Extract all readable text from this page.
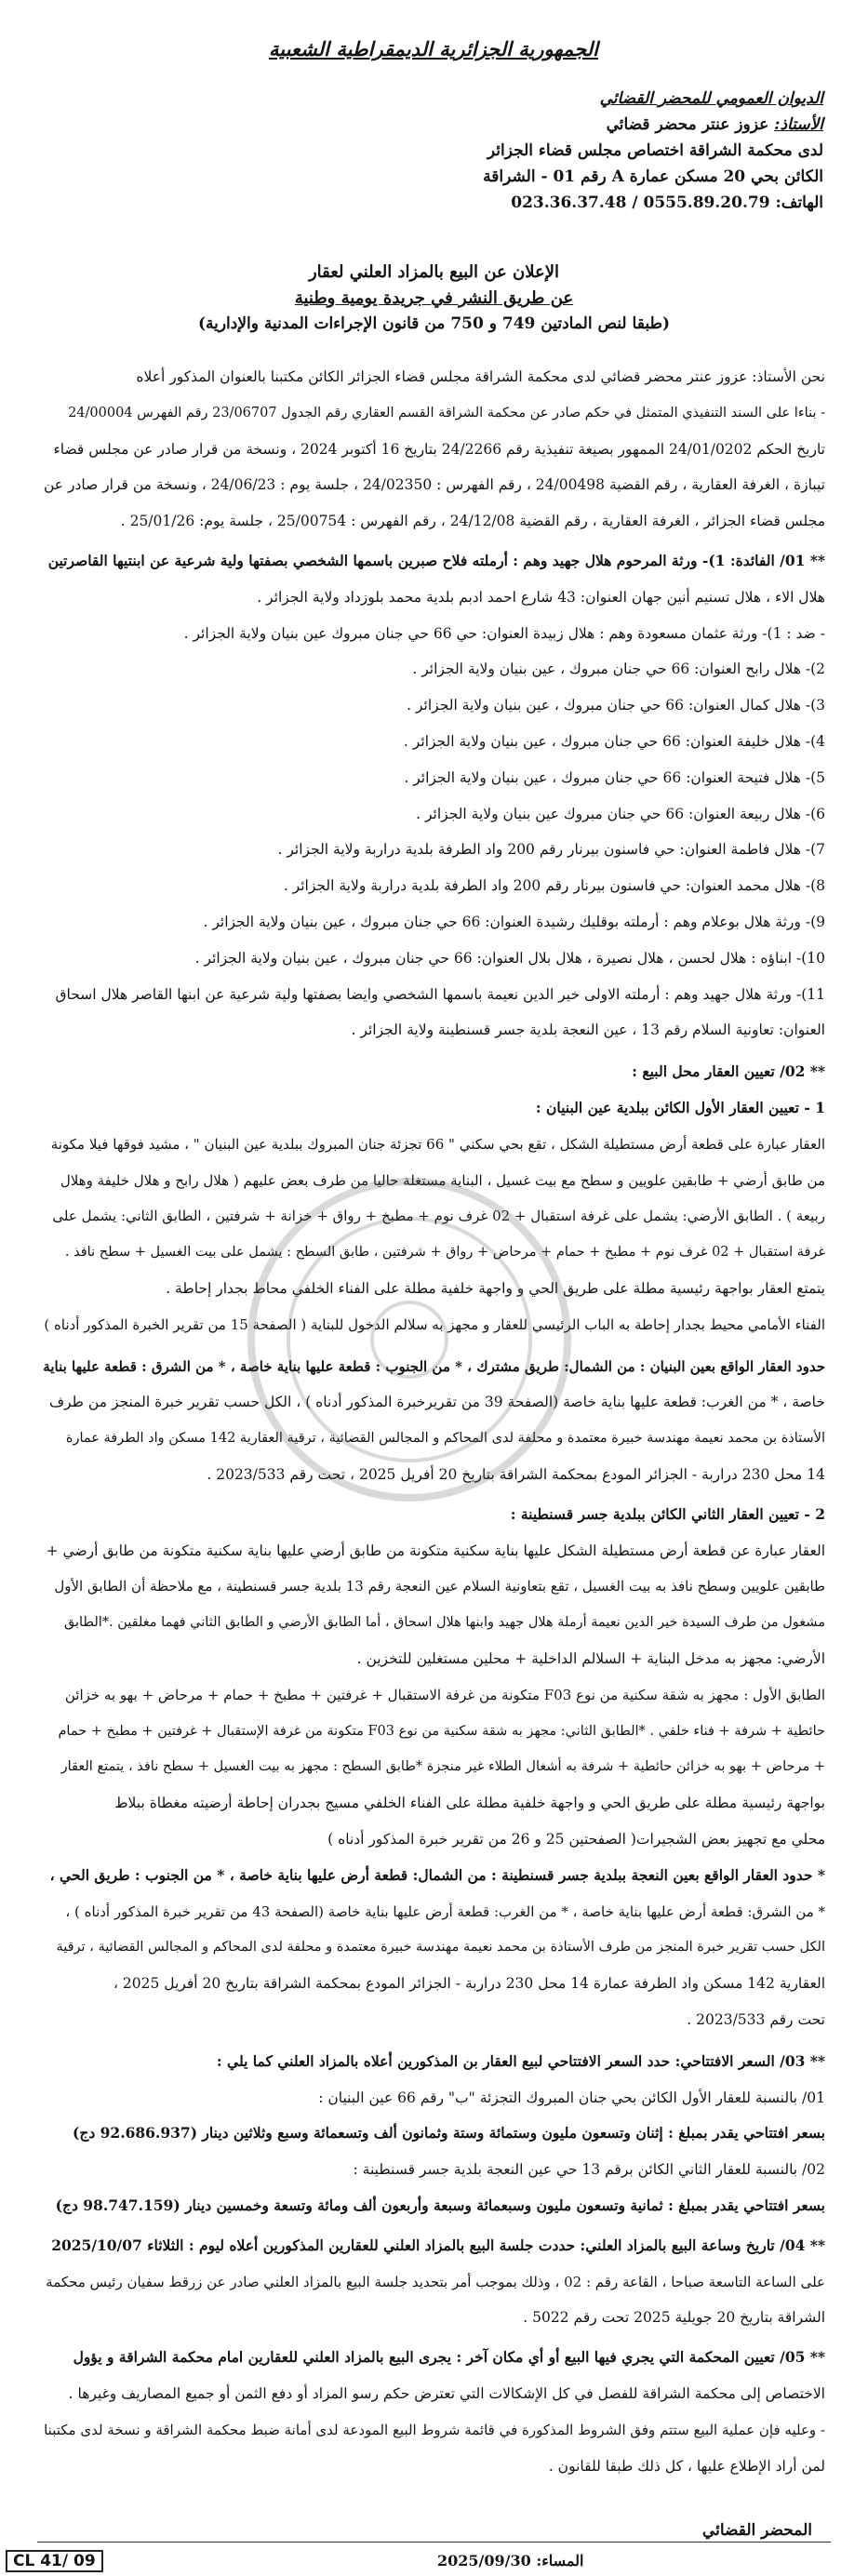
الجمهورية الجزائرية الديمقراطية الشعبية
الديوان العمومي للمحضر القضائي
الأستاذ: عزوز عنتر محضر قضائي
لدى محكمة الشراقة اختصاص مجلس قضاء الجزائر
الكائن بحي 20 مسكن عمارة A رقم 01 - الشراقة
الهاتف: 023.36.37.48 / 0555.89.20.79
الإعلان عن البيع بالمزاد العلني لعقار
عن طريق النشر في جريدة يومية وطنية
(طبقا لنص المادتين 749 و 750 من قانون الإجراءات المدنية والإدارية)
نحن الأستاذ: عزوز عنتر محضر قضائي لدى محكمة الشراقة مجلس قضاء الجزائر الكائن مكتبنا بالعنوان المذكور أعلاه
- بناءا على السند التنفيذي المتمثل في حكم صادر عن محكمة الشراقة القسم العقاري رقم الجدول 23/06707 رقم الفهرس 24/00004
تاريخ الحكم 24/01/0202 الممهور بصيغة تنفيذية رقم 24/2266 بتاريخ 16 أكتوبر 2024 ، ونسخة من قرار صادر عن مجلس قضاء
تيبازة ، الغرفة العقارية ، رقم القضية 24/00498 ، رقم الفهرس : 24/02350 ، جلسة يوم : 24/06/23 ، ونسخة من قرار صادر عن
مجلس قضاء الجزائر ، الغرفة العقارية ، رقم القضية 24/12/08 ، رقم الفهرس : 25/00754 ، جلسة يوم: 25/01/26 .
** 01/ الفائدة: 1)- ورثة المرحوم هلال جهيد وهم : أرملته فلاح صبرين باسمها الشخصي بصفتها ولية شرعية عن ابنتيها القاصرتين
هلال الاء ، هلال تسنيم أنين جهان العنوان: 43 شارع احمد ادبم بلدية محمد بلوزداد ولاية الجزائر .
- ضد : 1)- ورثة عثمان مسعودة وهم : هلال زبيدة العنوان: حي 66 حي جنان مبروك عين بنيان ولاية الجزائر .
2)- هلال رابح العنوان: 66 حي جنان مبروك ، عين بنيان ولاية الجزائر .
3)- هلال كمال العنوان: 66 حي جنان مبروك ، عين بنيان ولاية الجزائر .
4)- هلال خليفة العنوان: 66 حي جنان مبروك ، عين بنيان ولاية الجزائر .
5)- هلال فتيحة العنوان: 66 حي جنان مبروك ، عين بنيان ولاية الجزائر .
6)- هلال ربيعة العنوان: 66 حي جنان مبروك عين بنيان ولاية الجزائر .
7)- هلال فاطمة العنوان: حي فاسنون بيرنار رقم 200 واد الطرفة بلدية دراربة ولاية الجزائر .
8)- هلال محمد العنوان: حي فاسنون بيرنار رقم 200 واد الطرفة بلدية دراربة ولاية الجزائر .
9)- ورثة هلال بوعلام وهم : أرملته بوقليك رشيدة العنوان: 66 حي جنان مبروك ، عين بنيان ولاية الجزائر .
10)- ابناؤه : هلال لحسن ، هلال نصيرة ، هلال بلال العنوان: 66 حي جنان مبروك ، عين بنيان ولاية الجزائر .
11)- ورثة هلال جهيد وهم : أرملته الاولى خير الدين نعيمة باسمها الشخصي وايضا بصفتها ولية شرعية عن ابنها القاصر هلال اسحاق
العنوان: تعاونية السلام رقم 13 ، عين النعجة بلدية جسر قسنطينة ولاية الجزائر .
** 02/ تعيين العقار محل البيع :
1 - تعيين العقار الأول الكائن ببلدية عين البنيان :
العقار عبارة على قطعة أرض مستطيلة الشكل ، تقع بحي سكني " 66 تجزئة جنان المبروك ببلدية عين البنيان " ، مشيد فوقها فيلا مكونة
من طابق أرضي + طابقين علويين و سطح مع بيت غسيل ، البناية مستغلة حاليا من طرف بعض عليهم ( هلال رابح و هلال خليفة وهلال
ربيعة ) . الطابق الأرضي: يشمل على غرفة استقبال + 02 غرف نوم + مطبخ + رواق + خزانة + شرفتين ، الطابق الثاني: يشمل على
غرفة استقبال + 02 غرف نوم + مطبخ + حمام + مرحاض + رواق + شرفتين ، طابق السطح : يشمل على بيت الغسيل + سطح نافذ .
يتمتع العقار بواجهة رئيسية مطلة على طريق الحي و واجهة خلفية مطلة على الفناء الخلفي محاط بجدار إحاطة .
الفناء الأمامي محيط بجدار إحاطة به الباب الرئيسي للعقار و مجهز به سلالم الدخول للبناية ( الصفحة 15 من تقرير الخبرة المذكور أدناه )
حدود العقار الواقع بعين البنيان : من الشمال: طريق مشترك ، * من الجنوب : قطعة عليها بناية خاصة ، * من الشرق : قطعة عليها بناية
خاصة ، * من الغرب: قطعة عليها بناية خاصة (الصفحة 39 من تقريرخبرة المذكور أدناه ) ، الكل حسب تقرير خبرة المنجز من طرف
الأستاذة بن محمد نعيمة مهندسة خبيرة معتمدة و محلفة لدى المحاكم و المجالس القضائية ، ترقية العقارية 142 مسكن واد الطرفة عمارة
14 محل 230 دراربة - الجزائر المودع بمحكمة الشراقة بتاريخ 20 أفريل 2025 ، تحت رقم 2023/533 .
2 - تعيين العقار الثاني الكائن ببلدية جسر قسنطينة :
العقار عبارة عن قطعة أرض مستطيلة الشكل عليها بناية سكنية متكونة من طابق أرضي عليها بناية سكنية متكونة من طابق أرضي +
طابقين علويين وسطح نافذ به بيت الغسيل ، تقع بتعاونية السلام عين النعجة رقم 13 بلدية جسر قسنطينة ، مع ملاحظة أن الطابق الأول
مشغول من طرف السيدة خير الدين نعيمة أرملة هلال جهيد وابنها هلال اسحاق ، أما الطابق الأرضي و الطابق الثاني فهما مغلقين .*الطابق
الأرضي: مجهز به مدخل البناية + السلالم الداخلية + محلين مستغلين للتخزين .
الطابق الأول : مجهز به شقة سكنية من نوع F03 متكونة من غرفة الاستقبال + غرفتين + مطبخ + حمام + مرحاض + بهو به خزائن
حائطية + شرفة + فناء خلفي . *الطابق الثاني: مجهز به شقة سكنية من نوع F03 متكونة من غرفة الإستقبال + غرفتين + مطبخ + حمام
+ مرحاض + بهو به خزائن حائطية + شرفة به أشغال الطلاء غير منجزة *طابق السطح : مجهز به بيت الغسيل + سطح نافذ ، يتمتع العقار
بواجهة رئيسية مطلة على طريق الحي و واجهة خلفية مطلة على الفناء الخلفي مسيج بجدران إحاطة أرضيته مغطاة ببلاط
محلي مع تجهيز بعض الشجيرات( الصفحتين 25 و 26 من تقرير خبرة المذكور أدناه )
* حدود العقار الواقع بعين النعجة ببلدية جسر قسنطينة : من الشمال: قطعة أرض عليها بناية خاصة ، * من الجنوب : طريق الحي ،
* من الشرق: قطعة أرض عليها بناية خاصة ، * من الغرب: قطعة أرض عليها بناية خاصة (الصفحة 43 من تقرير خبرة المذكور أدناه ) ،
الكل حسب تقرير خبرة المنجز من طرف الأستاذة بن محمد نعيمة مهندسة خبيرة معتمدة و محلفة لدى المحاكم و المجالس القضائية ، ترقية
العقارية 142 مسكن واد الطرفة عمارة 14 محل 230 دراربة - الجزائر المودع بمحكمة الشراقة بتاريخ 20 أفريل 2025 ،
تحت رقم 2023/533 .
** 03/ السعر الافتتاحي: حدد السعر الافتتاحي لبيع العقار بن المذكورين أعلاه بالمزاد العلني كما يلي :
01/ بالنسبة للعقار الأول الكائن بحي جنان المبروك التجزئة "ب" رقم 66 عين البنيان :
بسعر افتتاحي يقدر بمبلغ : إثنان وتسعون مليون وستمائة وستة وثمانون ألف وتسعمائة وسبع وثلاثين دينار (92.686.937 دج)
02/ بالنسبة للعقار الثاني الكائن برقم 13 حي عين النعجة بلدية جسر قسنطينة :
بسعر افتتاحي يقدر بمبلغ : ثمانية وتسعون مليون وسبعمائة وسبعة وأربعون ألف ومائة وتسعة وخمسين دينار (98.747.159 دج)
** 04/ تاريخ وساعة البيع بالمزاد العلني: حددت جلسة البيع بالمزاد العلني للعقارين المذكورين أعلاه ليوم : الثلاثاء 2025/10/07
على الساعة التاسعة صباحا ، القاعة رقم : 02 ، وذلك بموجب أمر بتحديد جلسة البيع بالمزاد العلني صادر عن زرقط سفيان رئيس محكمة
الشراقة بتاريخ 20 جويلية 2025 تحت رقم 5022 .
** 05/ تعيين المحكمة التي يجري فيها البيع أو أي مكان آخر : يجرى البيع بالمزاد العلني للعقارين امام محكمة الشراقة و يؤول
الاختصاص إلى محكمة الشراقة للفصل في كل الإشكالات التي تعترض حكم رسو المزاد أو دفع الثمن أو جميع المصاريف وغيرها .
- وعليه فإن عملية البيع ستتم وفق الشروط المذكورة في قائمة شروط البيع المودعة لدى أمانة ضبط محكمة الشراقة و نسخة لدى مكتبنا
لمن أراد الإطلاع عليها ، كل ذلك طبقا للقانون .
المحضر القضائي
CL 41/ 09	المساء: 2025/09/30
